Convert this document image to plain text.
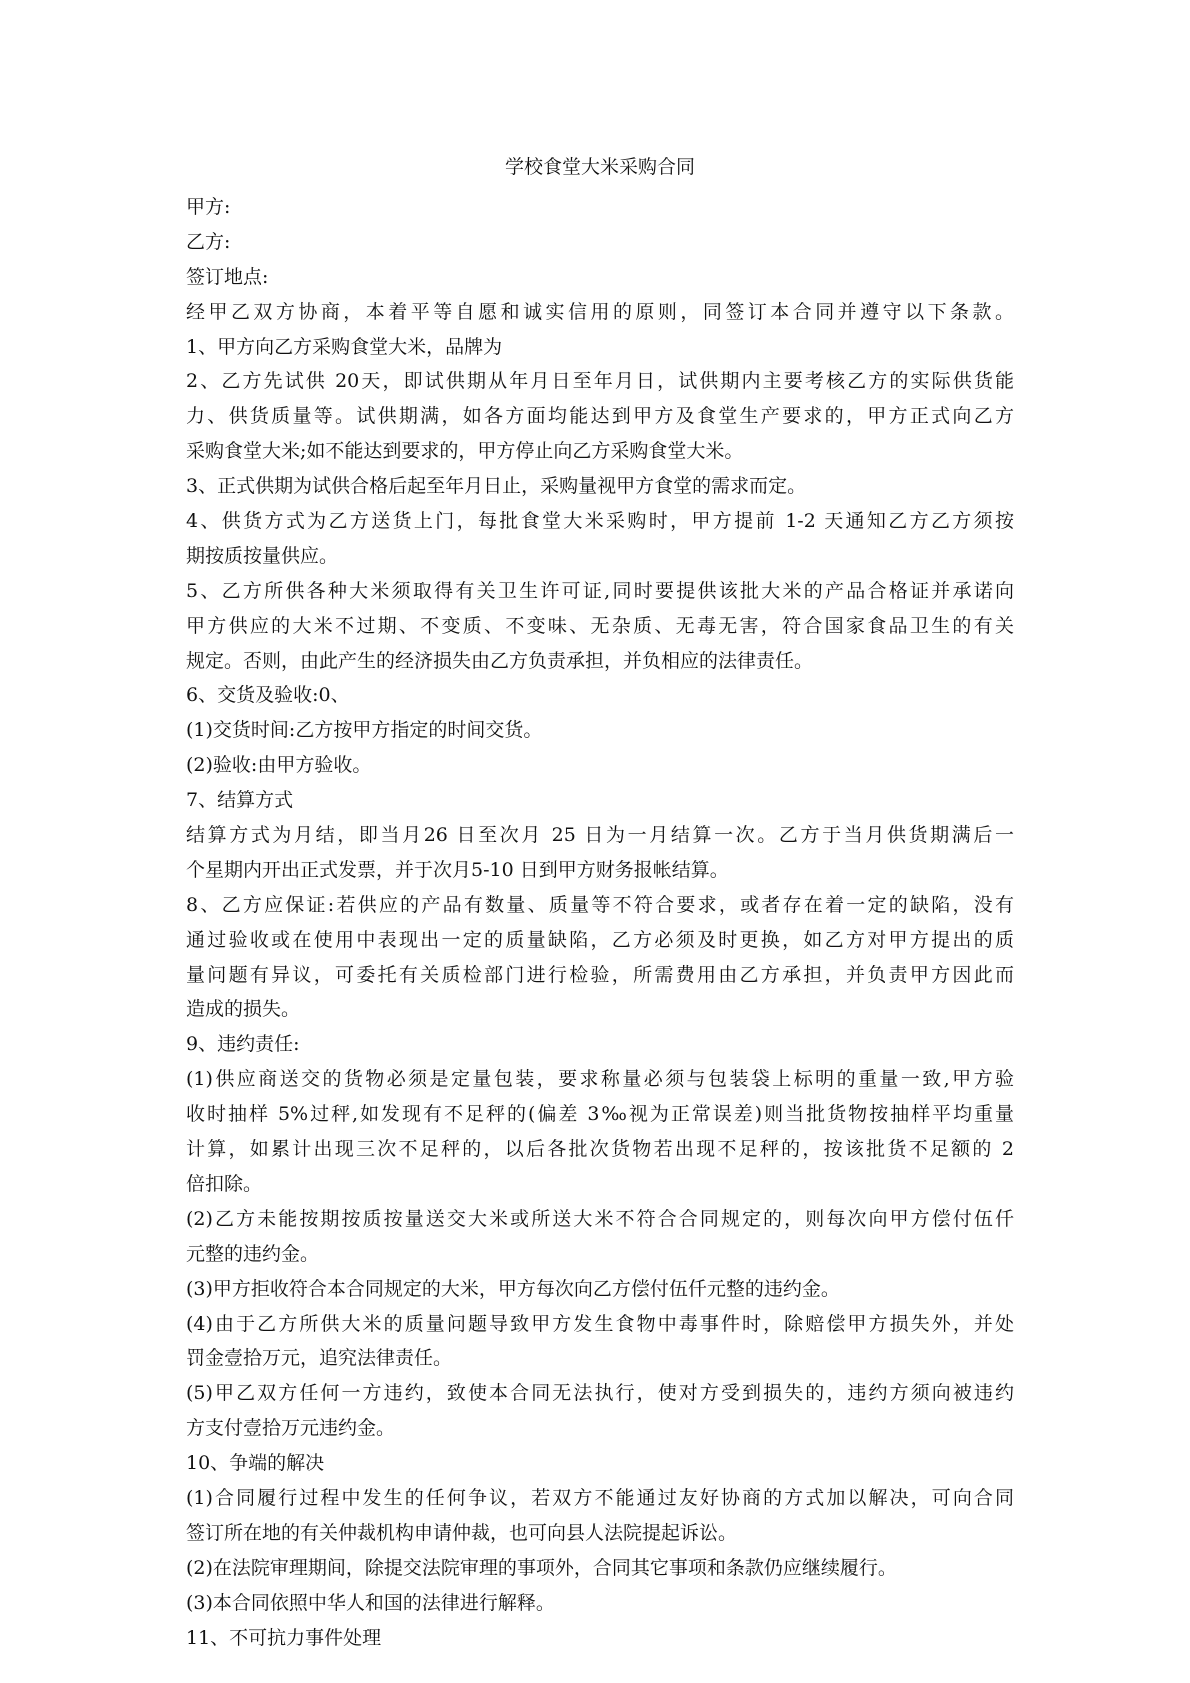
学校食堂大米采购合同
甲方:
乙方:
签订地点:
经甲乙双方协商，本着平等自愿和诚实信用的原则，同签订本合同并遵守以下条款。
1、甲方向乙方采购食堂大米，品牌为
2、乙方先试供 20天，即试供期从年月日至年月日，试供期内主要考核乙方的实际供货能
力、供货质量等。试供期满，如各方面均能达到甲方及食堂生产要求的，甲方正式向乙方
采购食堂大米;如不能达到要求的，甲方停止向乙方采购食堂大米。
3、正式供期为试供合格后起至年月日止，采购量视甲方食堂的需求而定。
4、供货方式为乙方送货上门，每批食堂大米采购时，甲方提前 1-2 天通知乙方乙方须按
期按质按量供应。
5、乙方所供各种大米须取得有关卫生许可证,同时要提供该批大米的产品合格证并承诺向
甲方供应的大米不过期、不变质、不变味、无杂质、无毒无害，符合国家食品卫生的有关
规定。否则，由此产生的经济损失由乙方负责承担，并负相应的法律责任。
6、交货及验收:0、
(1)交货时间:乙方按甲方指定的时间交货。
(2)验收:由甲方验收。
7、结算方式
结算方式为月结，即当月26 日至次月 25 日为一月结算一次。乙方于当月供货期满后一
个星期内开出正式发票，并于次月5-10 日到甲方财务报帐结算。
8、乙方应保证:若供应的产品有数量、质量等不符合要求，或者存在着一定的缺陷，没有
通过验收或在使用中表现出一定的质量缺陷，乙方必须及时更换，如乙方对甲方提出的质
量问题有异议，可委托有关质检部门进行检验，所需费用由乙方承担，并负责甲方因此而
造成的损失。
9、违约责任:
(1)供应商送交的货物必须是定量包装，要求称量必须与包装袋上标明的重量一致,甲方验
收时抽样 5%过秤,如发现有不足秤的(偏差 3‰视为正常误差)则当批货物按抽样平均重量
计算，如累计出现三次不足秤的，以后各批次货物若出现不足秤的，按该批货不足额的 2
倍扣除。
(2)乙方未能按期按质按量送交大米或所送大米不符合合同规定的，则每次向甲方偿付伍仟
元整的违约金。
(3)甲方拒收符合本合同规定的大米，甲方每次向乙方偿付伍仟元整的违约金。
(4)由于乙方所供大米的质量问题导致甲方发生食物中毒事件时，除赔偿甲方损失外，并处
罚金壹拾万元，追究法律责任。
(5)甲乙双方任何一方违约，致使本合同无法执行，使对方受到损失的，违约方须向被违约
方支付壹拾万元违约金。
10、争端的解决
(1)合同履行过程中发生的任何争议，若双方不能通过友好协商的方式加以解决，可向合同
签订所在地的有关仲裁机构申请仲裁，也可向县人法院提起诉讼。
(2)在法院审理期间，除提交法院审理的事项外，合同其它事项和条款仍应继续履行。
(3)本合同依照中华人和国的法律进行解释。
11、不可抗力事件处理
